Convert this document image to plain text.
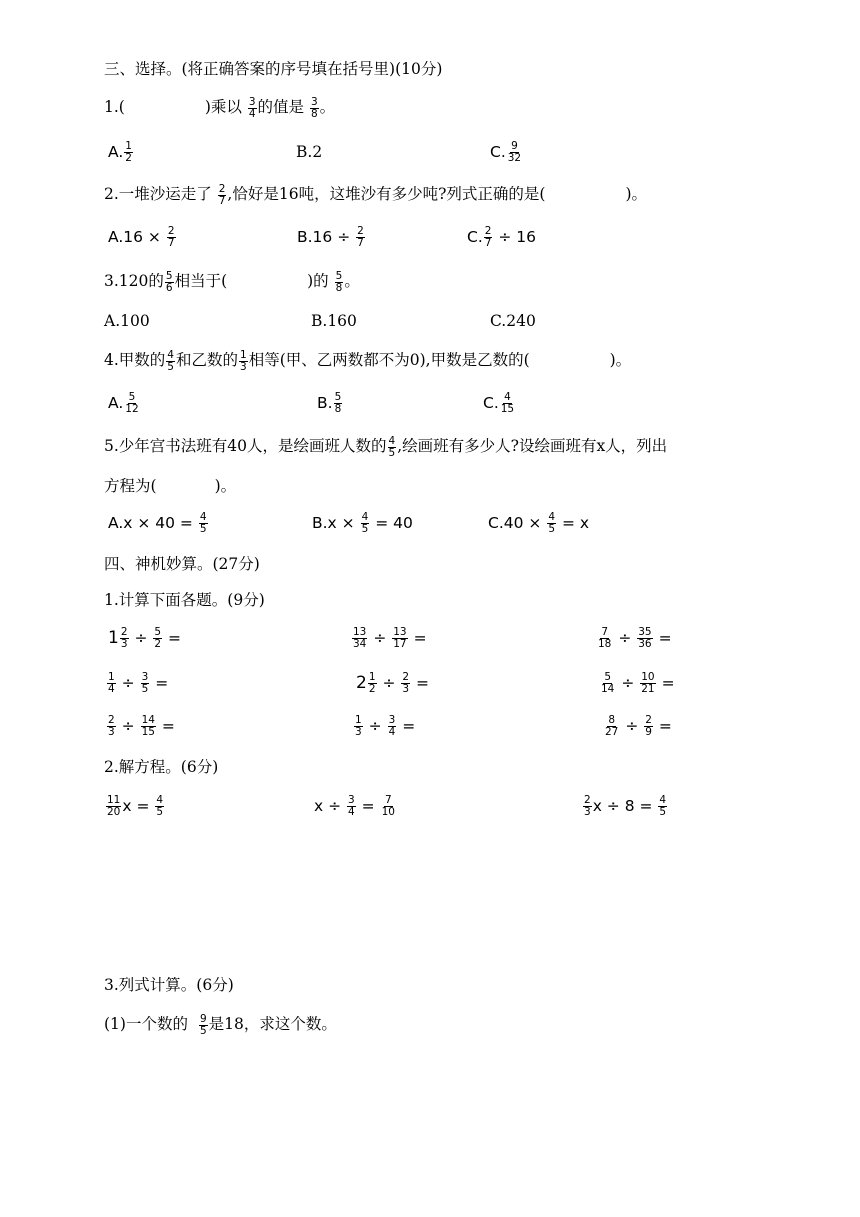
三、选择。(将正确答案的序号填在括号里)(10分)
1.(	)乘以 $\frac{3}{4}$ 的值是 $\frac{3}{8}$ 。
A. $\frac{1}{2}$	B.2	C. $\frac{9}{32}$
2.一堆沙运走了 $\frac{2}{7}$ ,恰好是16吨，这堆沙有多少吨?列式正确的是(	)。
$A.16 \times \frac{2}{7}$	$B.16 \div \frac{2}{7}$	C. $\frac{2}{7} \div 16$
3.120的 $\frac{5}{6}$ 相当于(	)的 $\frac{5}{8}$ 。
A.100	B.160	C.240
4.甲数的 $\frac{4}{5}$ 和乙数的 $\frac{1}{3}$ 相等(甲、乙两数都不为0),甲数是乙数的(	)。
A. $\frac{5}{12}$	B. $\frac{5}{8}$	C. $\frac{4}{15}$
5.少年宫书法班有40人，是绘画班人数的 $\frac{4}{5}$ ,绘画班有多少人?设绘画班有x人，列出
方程为(	)。
$A.x \times 40 = \frac{4}{5}$	$B.x \times \frac{4}{5} = 40$	$C.40 \times \frac{4}{5} = x$
四、神机妙算。(27分)
1.计算下面各题。(9分)
$1 \frac{2}{3} \div \frac{5}{2}$ =	$\frac{13}{34} \div \frac{13}{17}$ =	$\frac{7}{18} \div \frac{35}{36}$ =
$\frac{1}{4} \div \frac{3}{5}$ =	$2 \frac{1}{2} \div \frac{2}{3}$ =	$\frac{5}{14} \div \frac{10}{21}$ =
$\frac{2}{3} \div \frac{14}{15}$ =	$\frac{1}{3} \div \frac{3}{4}$ =	$\frac{8}{27} \div \frac{2}{9}$ =
2.解方程。(6分)
$\frac{11}{20}$ $x = \frac{4}{5}$	$x \div \frac{3}{4} = \frac{7}{10}$	$\frac{2}{3}$ $x \div 8 = \frac{4}{5}$
3.列式计算。(6分)
(1)一个数的 $\frac{9}{5}$ 是18，求这个数。
